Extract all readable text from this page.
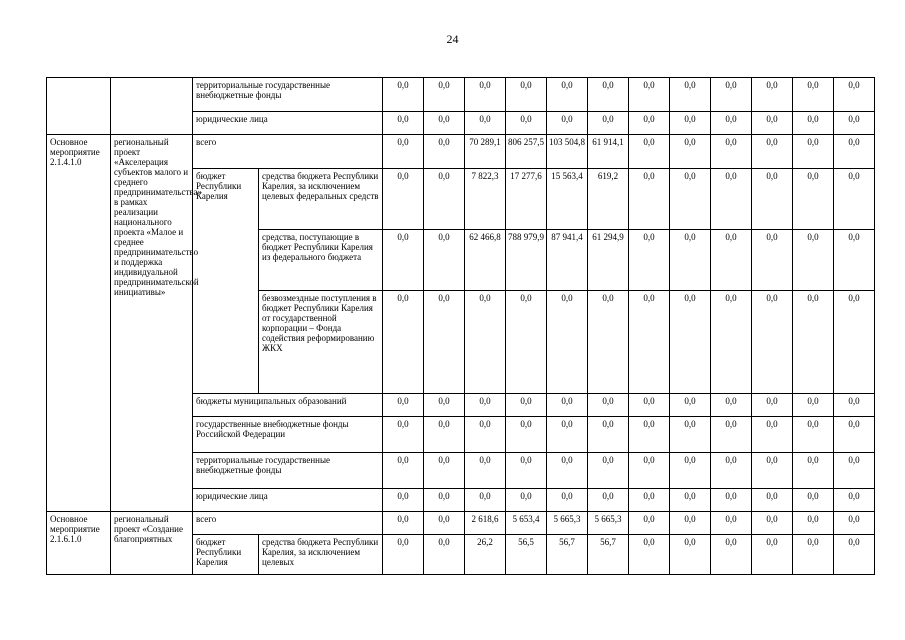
24
		территориальные государственные внебюджетные фонды		0,0	0,0	0,0	0,0	0,0	0,0	0,0	0,0	0,0	0,0	0,0	0,0
		юридические лица		0,0	0,0	0,0	0,0	0,0	0,0	0,0	0,0	0,0	0,0	0,0	0,0
Основное мероприятие 2.1.4.1.0	региональный проект «Акселерация субъектов малого и среднего предпринимательства» в рамках реализации национального проекта «Малое и среднее предпринимательство и поддержка индивидуальной предпринимательской инициативы»	всего		0,0	0,0	70 289,1	806 257,5	103 504,8	61 914,1	0,0	0,0	0,0	0,0	0,0	0,0
		бюджет Республики Карелия	средства бюджета Республики Карелия, за исключением целевых федеральных средств	0,0	0,0	7 822,3	17 277,6	15 563,4	619,2	0,0	0,0	0,0	0,0	0,0	0,0
			средства, поступающие в бюджет Республики Карелия из федерального бюджета	0,0	0,0	62 466,8	788 979,9	87 941,4	61 294,9	0,0	0,0	0,0	0,0	0,0	0,0
			безвозмездные поступления в бюджет Республики Карелия от государственной корпорации – Фонда содействия реформированию ЖКХ	0,0	0,0	0,0	0,0	0,0	0,0	0,0	0,0	0,0	0,0	0,0	0,0
		бюджеты муниципальных образований		0,0	0,0	0,0	0,0	0,0	0,0	0,0	0,0	0,0	0,0	0,0	0,0
		государственные внебюджетные фонды Российской Федерации		0,0	0,0	0,0	0,0	0,0	0,0	0,0	0,0	0,0	0,0	0,0	0,0
		территориальные государственные внебюджетные фонды		0,0	0,0	0,0	0,0	0,0	0,0	0,0	0,0	0,0	0,0	0,0	0,0
		юридические лица		0,0	0,0	0,0	0,0	0,0	0,0	0,0	0,0	0,0	0,0	0,0	0,0
Основное мероприятие 2.1.6.1.0	региональный проект «Создание благоприятных	всего		0,0	0,0	2 618,6	5 653,4	5 665,3	5 665,3	0,0	0,0	0,0	0,0	0,0	0,0
		бюджет Республики Карелия	средства бюджета Республики Карелия, за исключением целевых	0,0	0,0	26,2	56,5	56,7	56,7	0,0	0,0	0,0	0,0	0,0	0,0
